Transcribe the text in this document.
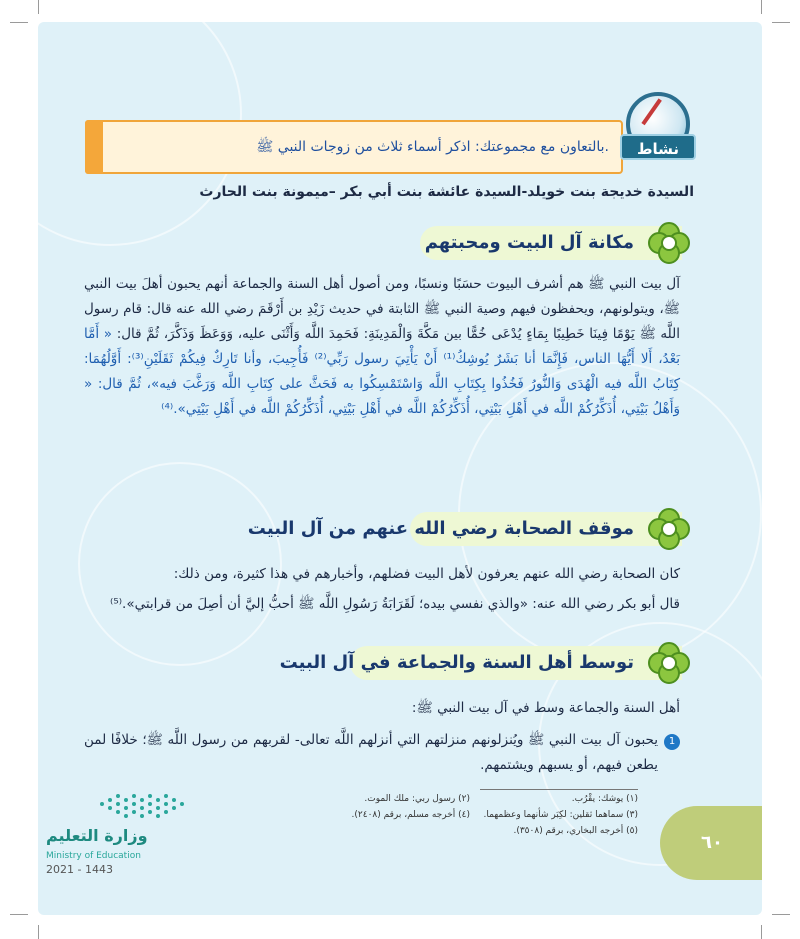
بالتعاون مع مجموعتك: اذكر أسماء ثلاث من زوجات النبي ﷺ.	نشاط
السيدة خديجة بنت خويلد-السيدة عائشة بنت أبي بكر –ميمونة بنت الحارث
مكانة آل البيت ومحبتهم
آل بيت النبي ﷺ هم أشرف البيوت حسَبًا ونسبًا، ومن أصول أهل السنة والجماعة أنهم يحبون أهلَ بيت النبي ﷺ، ويتولونهم، ويحفظون فيهم وصية النبي ﷺ الثابتة في حديث زَيْدِ بن أَرْقَمَ رضي الله عنه قال: قام رسول اللَّه ﷺ يَوْمًا فِينَا خَطِيبًا بِمَاءٍ يُدْعَى خُمًّا بين مَكَّةَ وَالْمَدِينَةِ: فَحَمِدَ اللَّه وَأَثْنَى عليه، وَوَعَظَ وَذَكَّرَ، ثُمَّ قال: « أَمَّا بَعْدُ، أَلا أَيُّهَا الناس، فَإِنَّمَا أنا بَشَرٌ يُوشِكُ⁽¹⁾ أَنْ يَأْتِيَ رسول رَبِّي⁽²⁾ فَأُجِيبَ، وأنا تَارِكٌ فِيكُمْ ثَقَلَيْنِ⁽³⁾: أَوَّلُهُمَا: كِتَابُ اللَّه فيه الْهُدَى وَالنُّورُ فَخُذُوا بِكِتَابِ اللَّه وَاسْتَمْسِكُوا به فَحَثَّ على كِتَابِ اللَّه وَرَغَّبَ فيه»، ثُمَّ قال: « وَأَهْلُ بَيْتِي، أُذَكِّرُكُمْ اللَّه في أَهْلِ بَيْتِي، أُذَكِّرُكُمْ اللَّه في أَهْلِ بَيْتِي، أُذَكِّرُكُمْ اللَّه في أَهْلِ بَيْتِي».⁽⁴⁾
موقف الصحابة رضي الله عنهم من آل البيت
كان الصحابة رضي الله عنهم يعرفون لأهل البيت فضلهم، وأخبارهم في هذا كثيرة، ومن ذلك:
قال أبو بكر رضي الله عنه: «والذي نفسي بيده؛ لَقَرَابَةُ رَسُولِ اللَّه ﷺ أحبُّ إليَّ أن أصِلَ من قرابتي».⁽⁵⁾
توسط أهل السنة والجماعة في آل البيت
أهل السنة والجماعة وسط في آل بيت النبي ﷺ:
1
يحبون آل بيت النبي ﷺ ويُنزلونهم منزلتهم التي أنزلهم اللَّه تعالى- لقربهم من رسول اللَّه ﷺ؛ خلافًا لمن يطعن فيهم، أو يسبهم ويشتمهم.
(١) يوشك: يقْرُب.
(٢) رسول ربي: ملك الموت.
(٣) سماهما ثقلين: لكِبَر شأنهما وعظمهما.
(٤) أخرجه مسلم، برقم (٢٤٠٨).
(٥) أخرجه البخاري، برقم (٣٥٠٨).
٦٠
وزارة التعليم
Ministry of Education
2021 - 1443
